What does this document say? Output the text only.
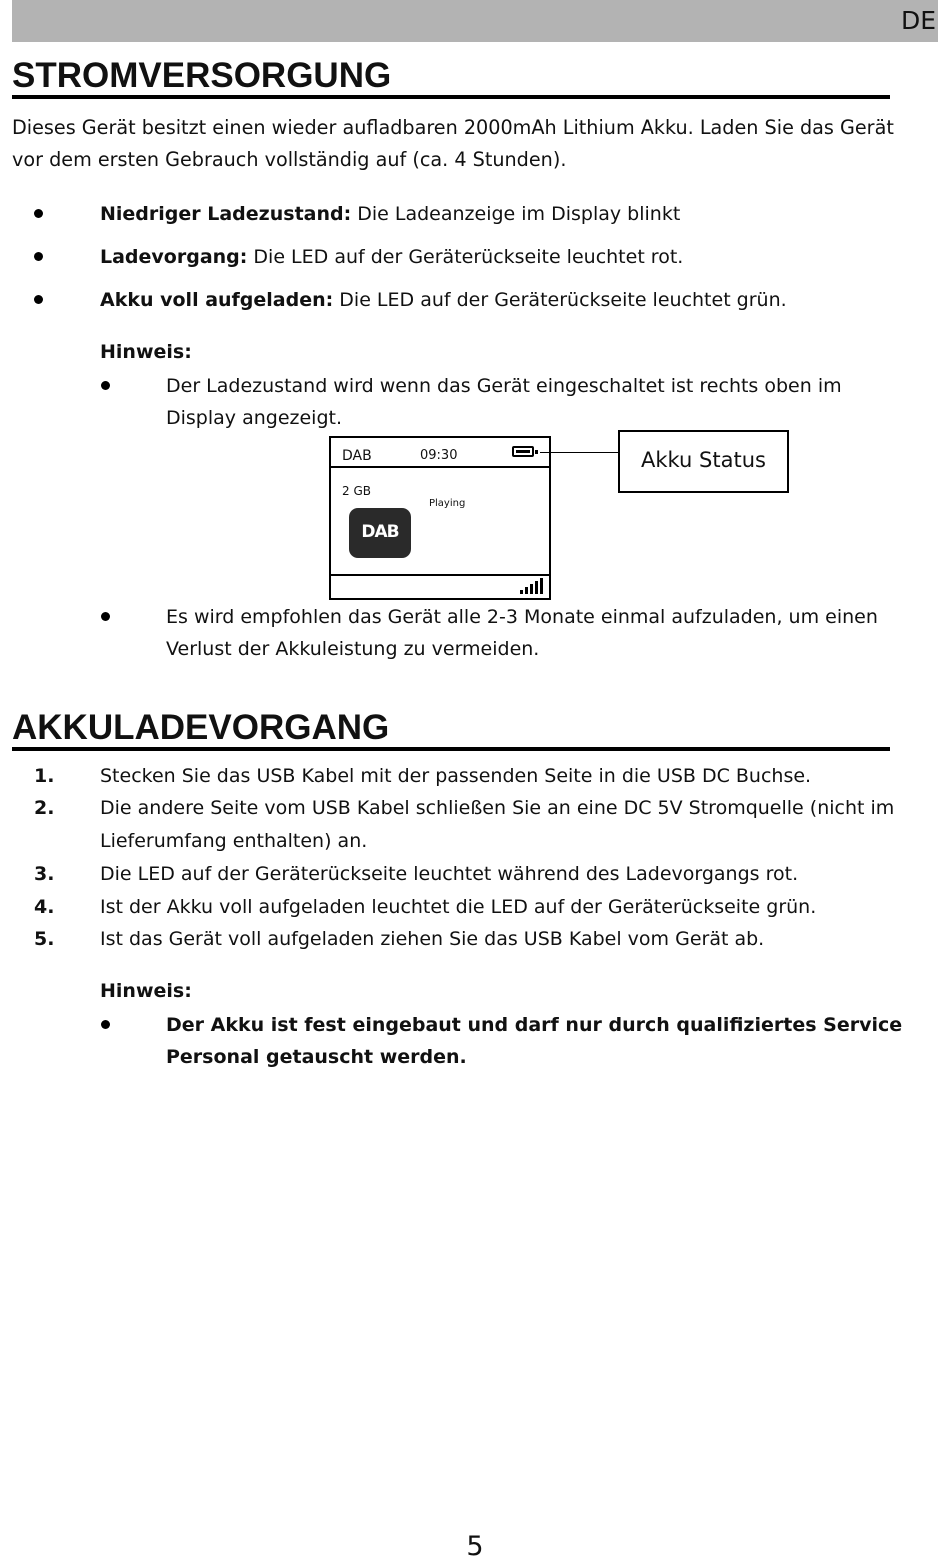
DE
STROMVERSORGUNG
Dieses Gerät besitzt einen wieder aufladbaren 2000mAh Lithium Akku. Laden Sie das Gerät
vor dem ersten Gebrauch vollständig auf (ca. 4 Stunden).
Niedriger Ladezustand: Die Ladeanzeige im Display blinkt
Ladevorgang: Die LED auf der Geräterückseite leuchtet rot.
Akku voll aufgeladen: Die LED auf der Geräterückseite leuchtet grün.
Hinweis:
Der Ladezustand wird wenn das Gerät eingeschaltet ist rechts oben im
Display angezeigt.
DAB	09:30
2 GB
Playing
DAB
Akku Status
Es wird empfohlen das Gerät alle 2-3 Monate einmal aufzuladen, um einen
Verlust der Akkuleistung zu vermeiden.
AKKULADEVORGANG
1. Stecken Sie das USB Kabel mit der passenden Seite in die USB DC Buchse.
2. Die andere Seite vom USB Kabel schließen Sie an eine DC 5V Stromquelle (nicht im
Lieferumfang enthalten) an.
3. Die LED auf der Geräterückseite leuchtet während des Ladevorgangs rot.
4. Ist der Akku voll aufgeladen leuchtet die LED auf der Geräterückseite grün.
5. Ist das Gerät voll aufgeladen ziehen Sie das USB Kabel vom Gerät ab.
Hinweis:
Der Akku ist fest eingebaut und darf nur durch qualifiziertes Service
Personal getauscht werden.
5
